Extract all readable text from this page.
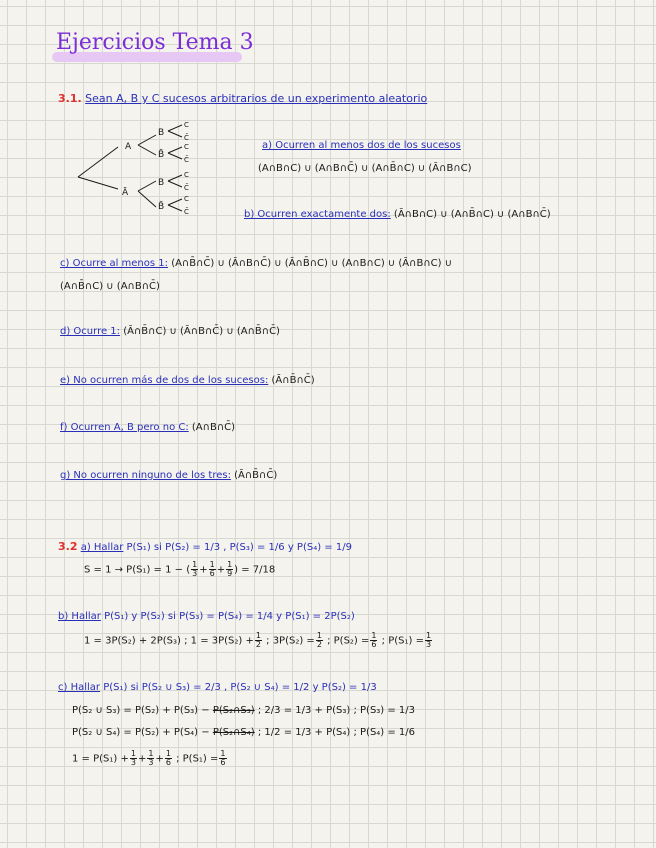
Ejercicios Tema 3
3.1. Sean A, B y C sucesos arbitrarios de un experimento aleatorio
A
Ā
B
B̄
B
B̄
C
C̄
C
C̄
C
C̄
C
C̄
a) Ocurren al menos dos de los sucesos
(A∩B∩C) ∪ (A∩B∩C̄) ∪ (A∩B̄∩C) ∪ (Ā∩B∩C)
b) Ocurren exactamente dos: (Ā∩B∩C) ∪ (A∩B̄∩C) ∪ (A∩B∩C̄)
c) Ocurre al menos 1: (A∩B̄∩C̄) ∪ (Ā∩B∩C̄) ∪ (Ā∩B̄∩C) ∪ (A∩B∩C) ∪ (Ā∩B∩C) ∪
(A∩B̄∩C) ∪ (A∩B∩C̄)
d) Ocurre 1: (Ā∩B̄∩C) ∪ (Ā∩B∩C̄) ∪ (A∩B̄∩C̄)
e) No ocurren más de dos de los sucesos: (Ā∩B̄∩C̄)
f) Ocurren A, B pero no C: (A∩B∩C̄)
g) No ocurren ninguno de los tres: (Ā∩B̄∩C̄)
3.2 a) Hallar P(S₁) si P(S₂) = 1/3 , P(S₃) = 1/6 y P(S₄) = 1/9
S = 1 → P(S₁) = 1 − ( $\frac{1}{3} + \frac{1}{6} + \frac{1}{9}$ ) = 7/18
b) Hallar P(S₁) y P(S₂) si P(S₃) = P(S₄) = 1/4 y P(S₁) = 2P(S₂)
1 = 3P(S₂) + 2P(S₃) ; $1 = 3P(S_2) + \frac{1}{2}$ ; $3P(S_2) = \frac{1}{2}$ ; $P(S_2) = \frac{1}{6}$ ; $P(S_1) = \frac{1}{3}$
c) Hallar P(S₁) si P(S₂ ∪ S₃) = 2/3 , P(S₂ ∪ S₄) = 1/2 y P(S₂) = 1/3
P(S₂ ∪ S₃) = P(S₂) + P(S₃) − P(S₂∩S₃) ; 2/3 = 1/3 + P(S₃) ; P(S₃) = 1/3
P(S₂ ∪ S₄) = P(S₂) + P(S₄) − P(S₂∩S₄) ; 1/2 = 1/3 + P(S₄) ; P(S₄) = 1/6
$1 = P(S_1) + \frac{1}{3} + \frac{1}{3} + \frac{1}{6}$ ; $P(S_1) = \frac{1}{6}$
